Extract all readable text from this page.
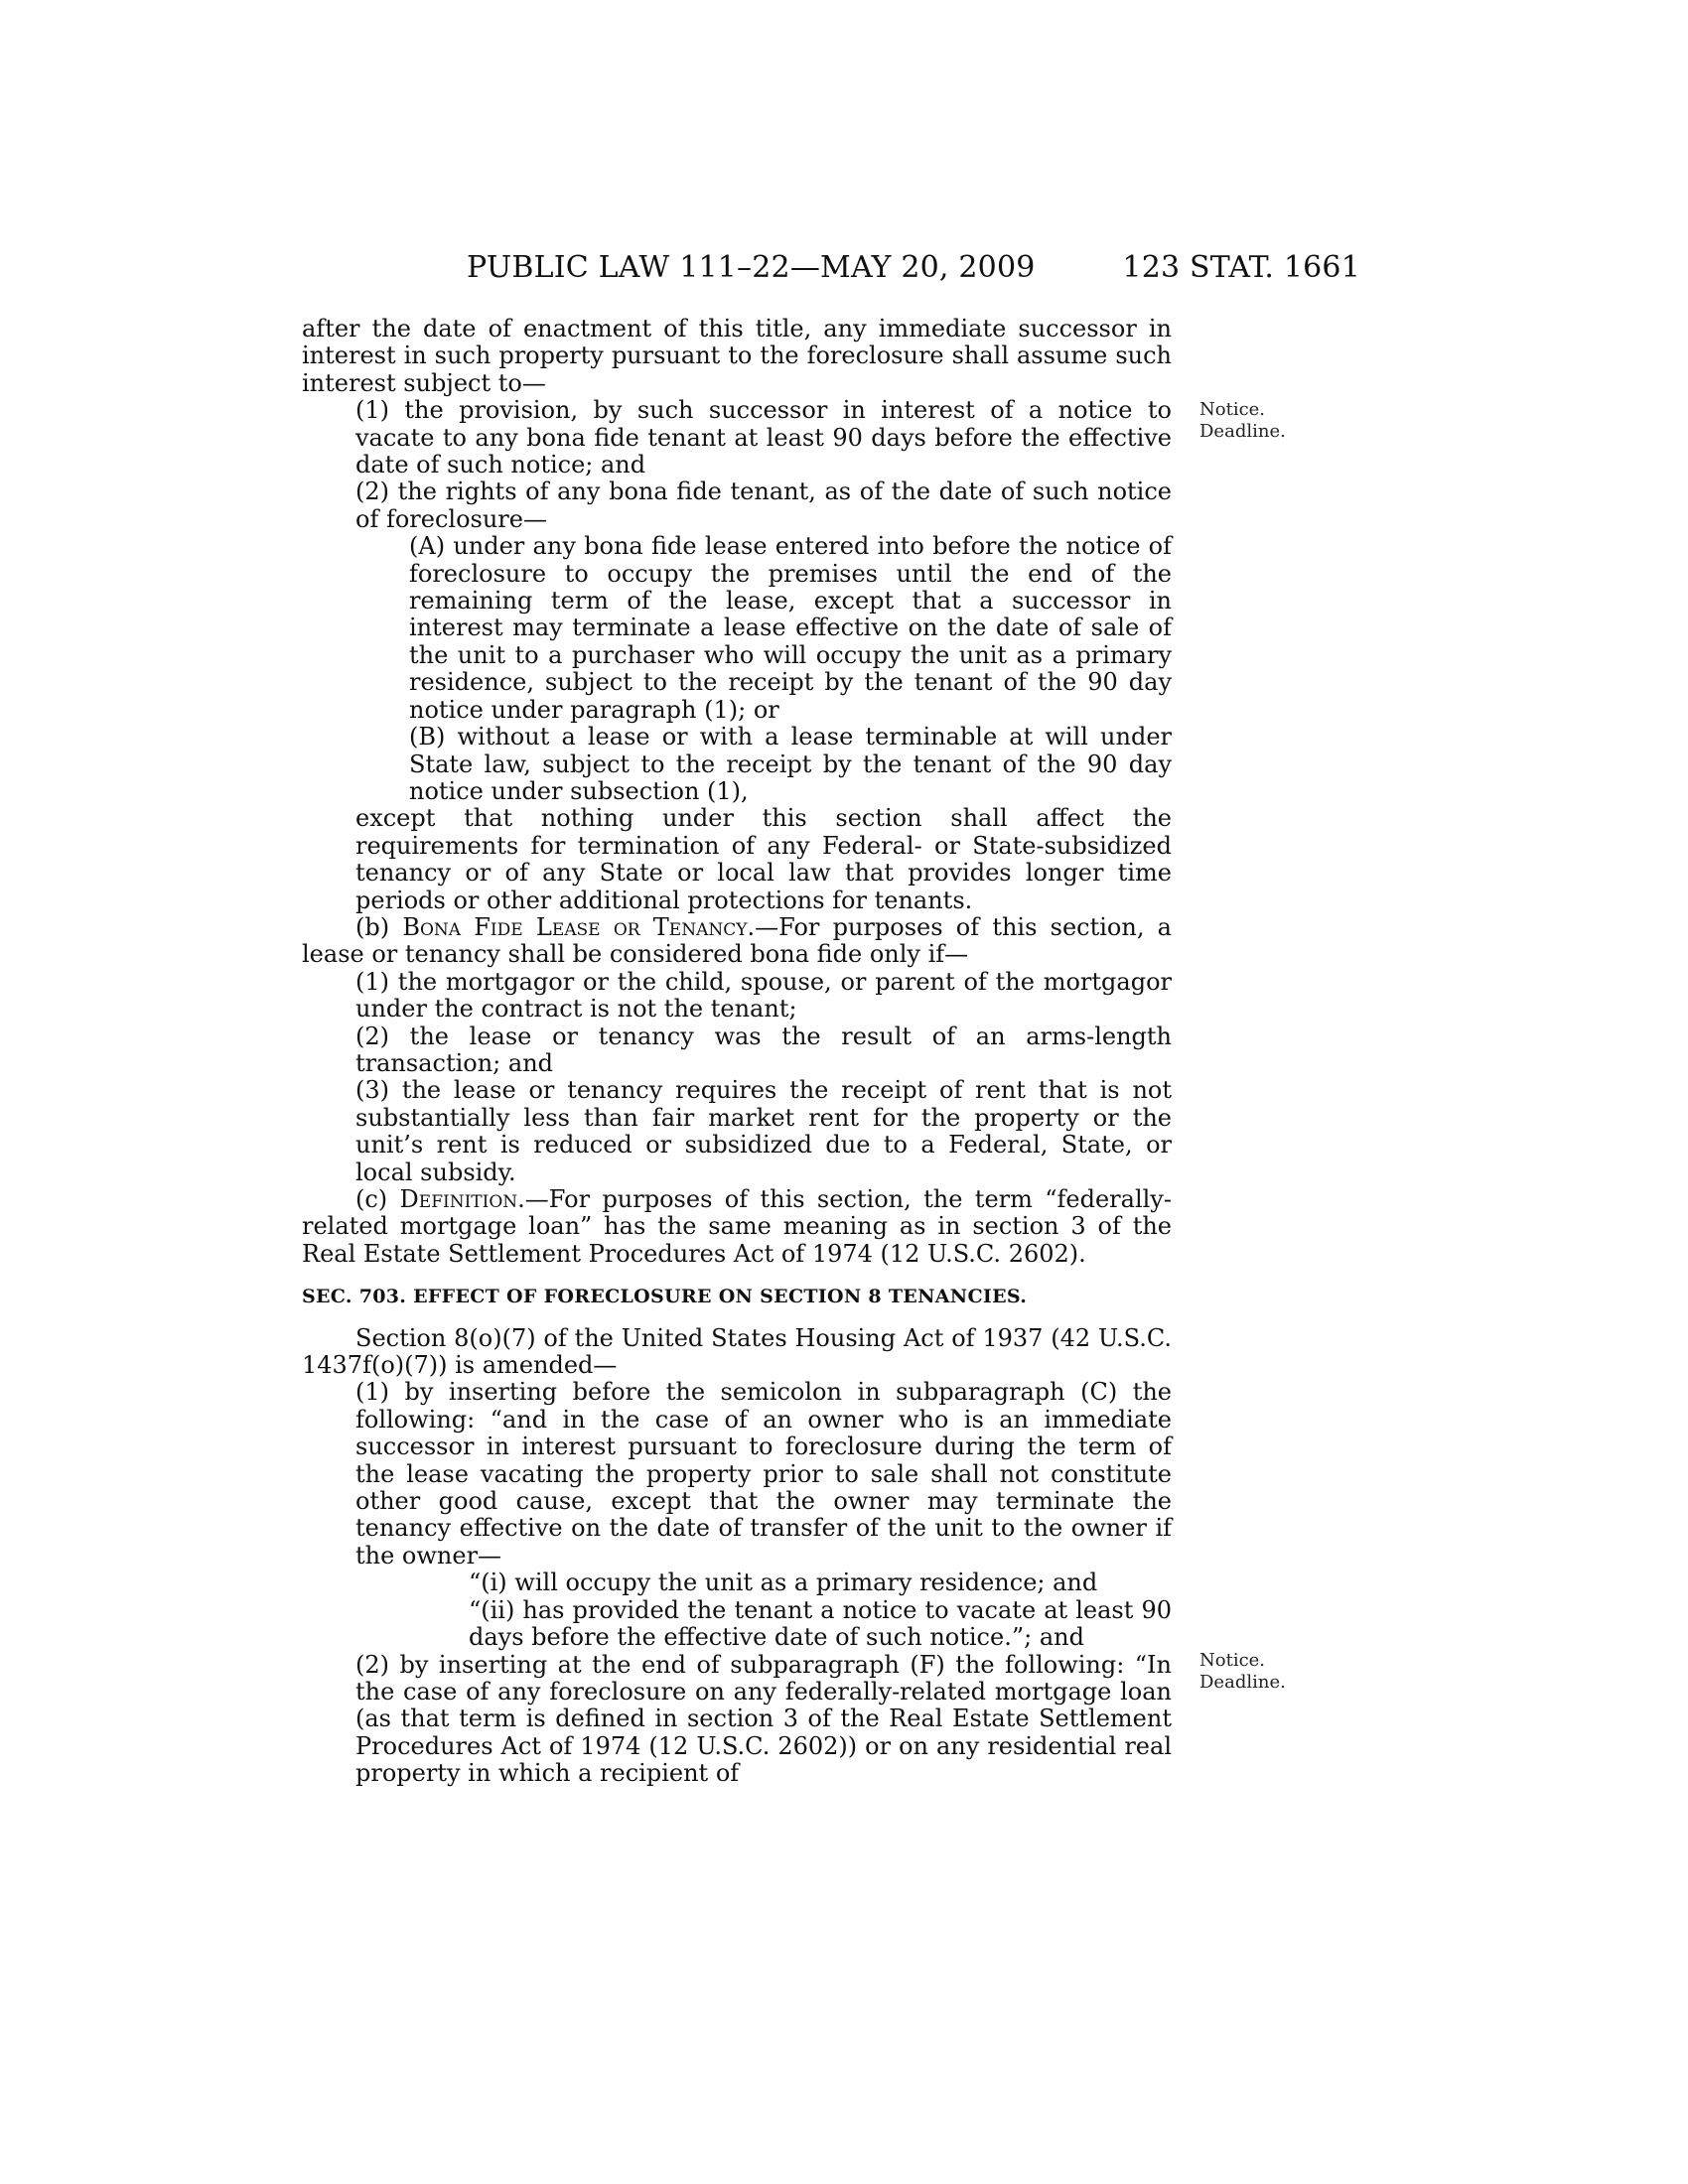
PUBLIC LAW 111–22—MAY 20, 2009	123 STAT. 1661
Notice.
Deadline.
Notice.
Deadline.

after the date of enactment of this title, any immediate successor in interest in such property pursuant to the foreclosure shall assume such interest subject to—

(1) the provision, by such successor in interest of a notice to vacate to any bona fide tenant at least 90 days before the effective date of such notice; and

(2) the rights of any bona fide tenant, as of the date of such notice of foreclosure—

(A) under any bona fide lease entered into before the notice of foreclosure to occupy the premises until the end of the remaining term of the lease, except that a successor in interest may terminate a lease effective on the date of sale of the unit to a purchaser who will occupy the unit as a primary residence, subject to the receipt by the tenant of the 90 day notice under paragraph (1); or

(B) without a lease or with a lease terminable at will under State law, subject to the receipt by the tenant of the 90 day notice under subsection (1),

except that nothing under this section shall affect the requirements for termination of any Federal- or State-subsidized tenancy or of any State or local law that provides longer time periods or other additional protections for tenants.

(b) Bona Fide Lease or Tenancy.—For purposes of this section, a lease or tenancy shall be considered bona fide only if—

(1) the mortgagor or the child, spouse, or parent of the mortgagor under the contract is not the tenant;

(2) the lease or tenancy was the result of an arms-length transaction; and

(3) the lease or tenancy requires the receipt of rent that is not substantially less than fair market rent for the property or the unit’s rent is reduced or subsidized due to a Federal, State, or local subsidy.

(c) Definition.—For purposes of this section, the term “federally-related mortgage loan” has the same meaning as in section 3 of the Real Estate Settlement Procedures Act of 1974 (12 U.S.C. 2602).

SEC. 703. EFFECT OF FORECLOSURE ON SECTION 8 TENANCIES.

Section 8(o)(7) of the United States Housing Act of 1937 (42 U.S.C. 1437f(o)(7)) is amended—

(1) by inserting before the semicolon in subparagraph (C) the following: “and in the case of an owner who is an immediate successor in interest pursuant to foreclosure during the term of the lease vacating the property prior to sale shall not constitute other good cause, except that the owner may terminate the tenancy effective on the date of transfer of the unit to the owner if the owner—

“(i) will occupy the unit as a primary residence; and

“(ii) has provided the tenant a notice to vacate at least 90 days before the effective date of such notice.”; and

(2) by inserting at the end of subparagraph (F) the following: “In the case of any foreclosure on any federally-related mortgage loan (as that term is defined in section 3 of the Real Estate Settlement Procedures Act of 1974 (12 U.S.C. 2602)) or on any residential real property in which a recipient of
